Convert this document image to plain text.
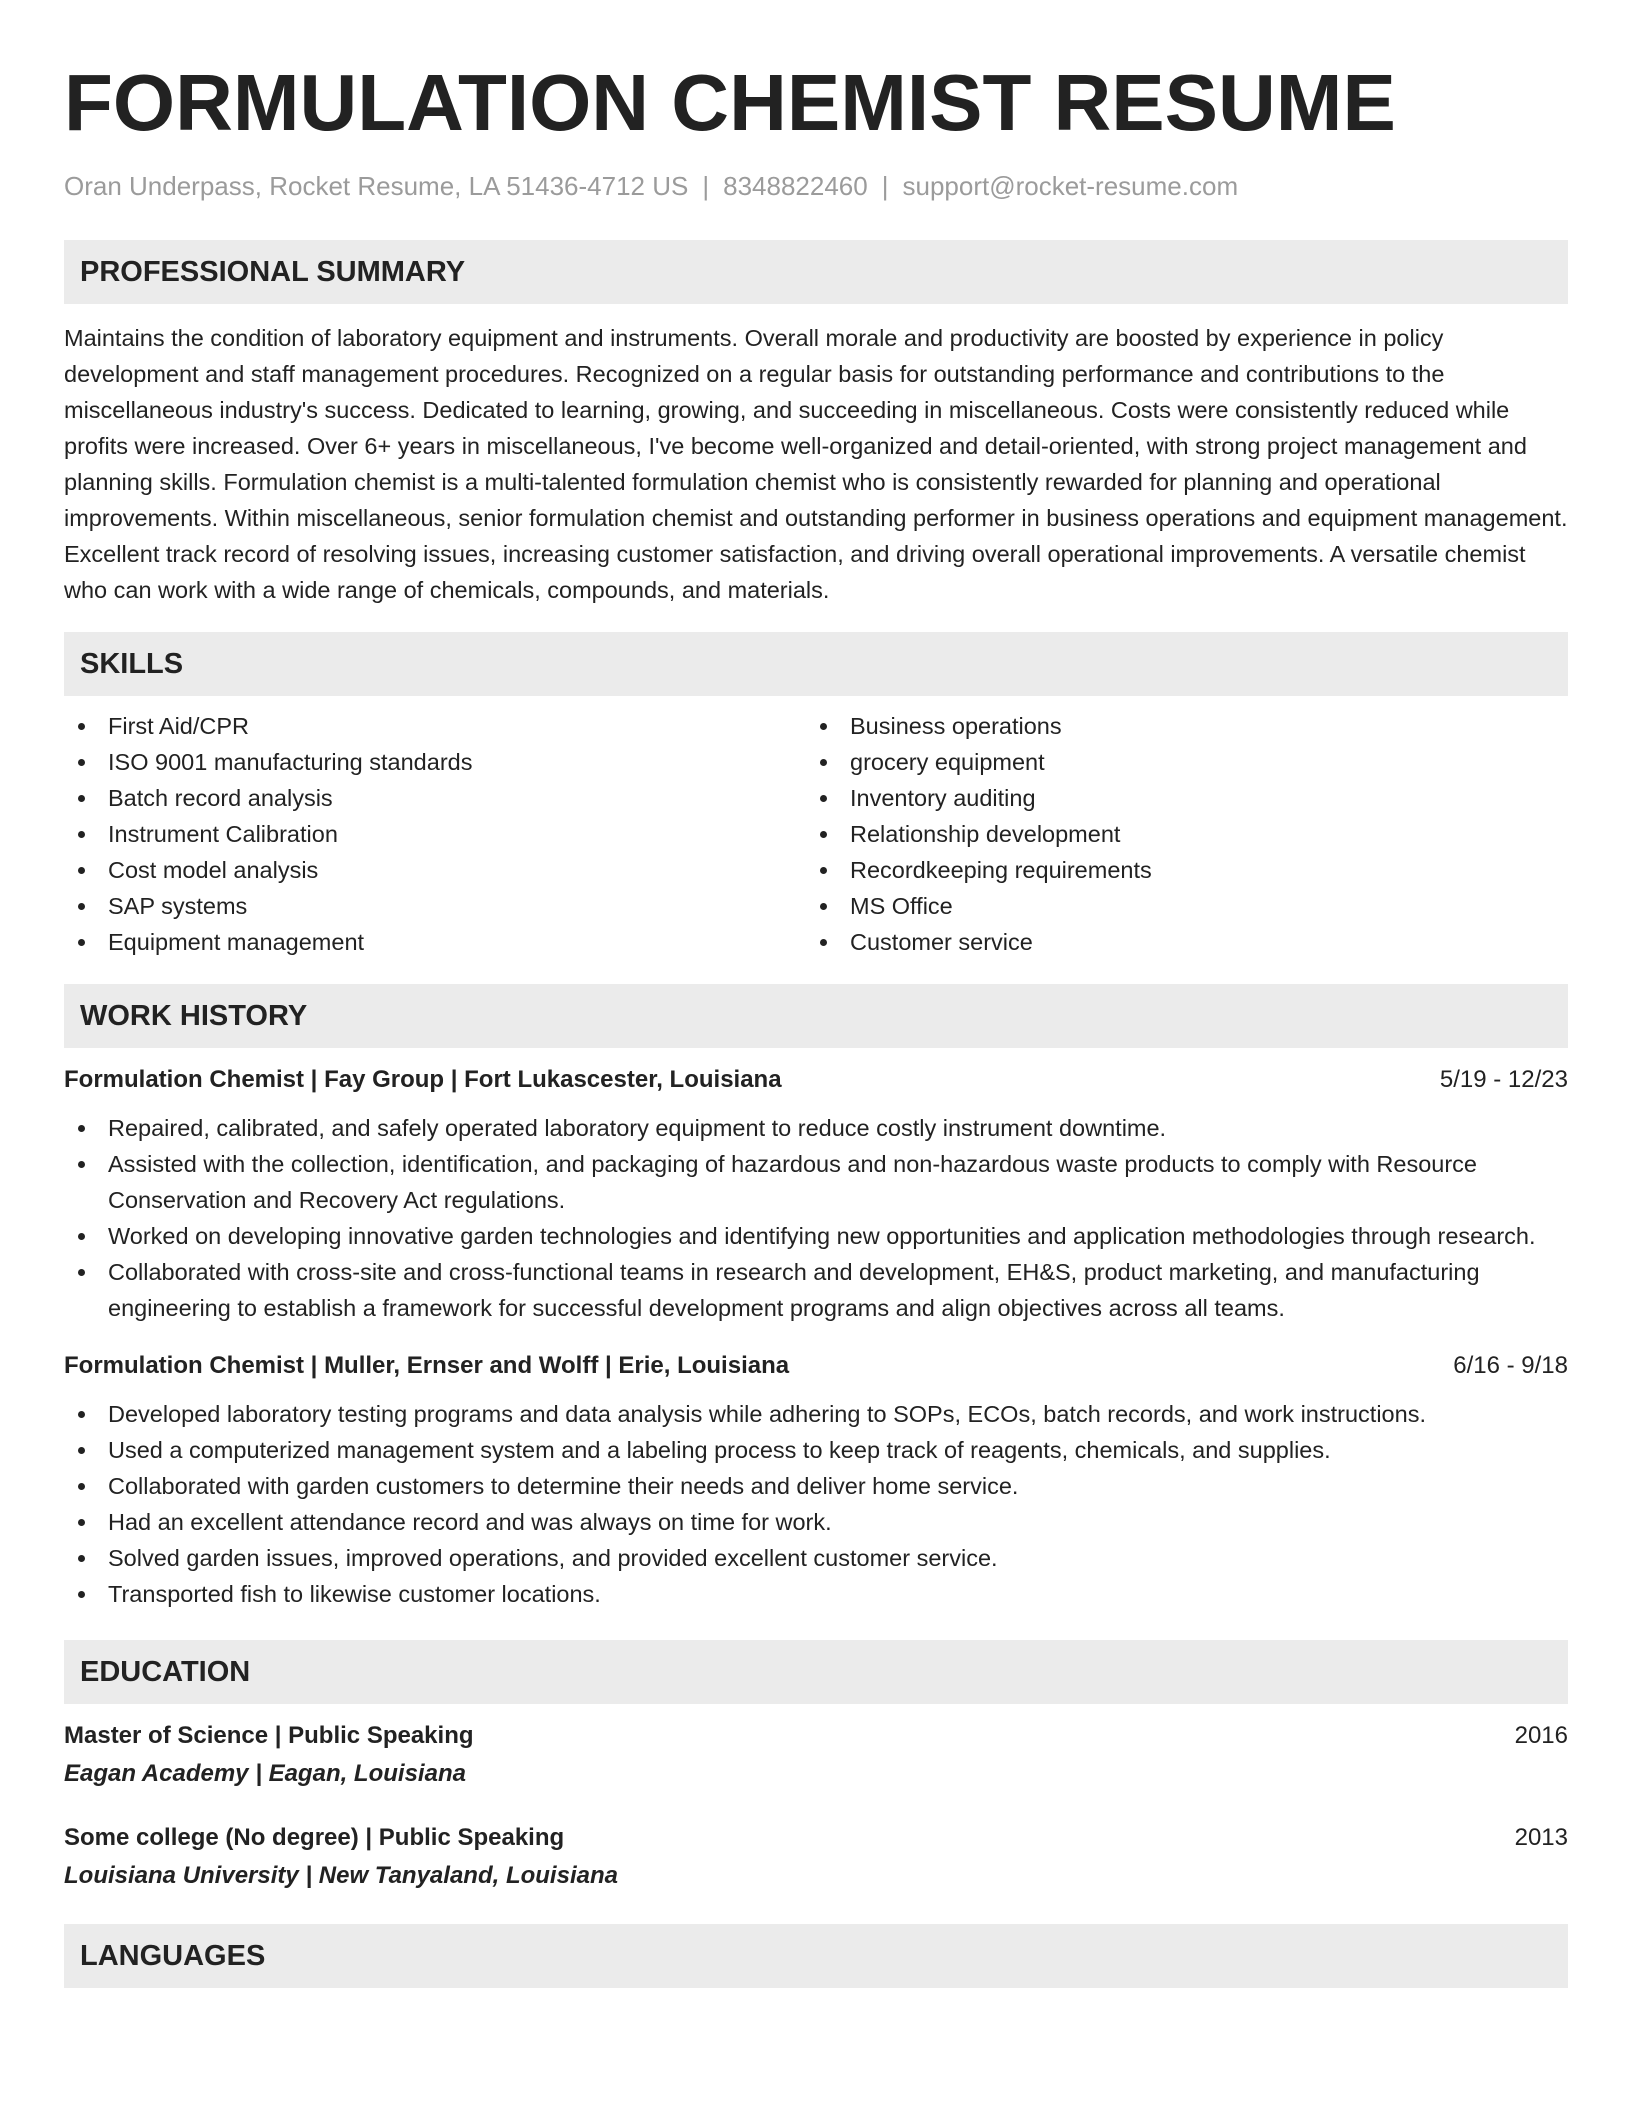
FORMULATION CHEMIST RESUME
Oran Underpass, Rocket Resume, LA 51436-4712 US | 8348822460 | support@rocket-resume.com
PROFESSIONAL SUMMARY

Maintains the condition of laboratory equipment and instruments. Overall morale and productivity are boosted by experience in policy development and staff management procedures. Recognized on a regular basis for outstanding performance and contributions to the miscellaneous industry's success. Dedicated to learning, growing, and succeeding in miscellaneous. Costs were consistently reduced while profits were increased. Over 6+ years in miscellaneous, I've become well-organized and detail-oriented, with strong project management and planning skills. Formulation chemist is a multi-talented formulation chemist who is consistently rewarded for planning and operational improvements. Within miscellaneous, senior formulation chemist and outstanding performer in business operations and equipment management. Excellent track record of resolving issues, increasing customer satisfaction, and driving overall operational improvements. A versatile chemist who can work with a wide range of chemicals, compounds, and materials.

SKILLS
First Aid/CPR
ISO 9001 manufacturing standards
Batch record analysis
Instrument Calibration
Cost model analysis
SAP systems
Equipment management
Business operations
grocery equipment
Inventory auditing
Relationship development
Recordkeeping requirements
MS Office
Customer service
WORK HISTORY
Formulation Chemist | Fay Group | Fort Lukascester, Louisiana	5/19 - 12/23
Repaired, calibrated, and safely operated laboratory equipment to reduce costly instrument downtime.
Assisted with the collection, identification, and packaging of hazardous and non-hazardous waste products to comply with Resource Conservation and Recovery Act regulations.
Worked on developing innovative garden technologies and identifying new opportunities and application methodologies through research.
Collaborated with cross-site and cross-functional teams in research and development, EH&S, product marketing, and manufacturing engineering to establish a framework for successful development programs and align objectives across all teams.
Formulation Chemist | Muller, Ernser and Wolff | Erie, Louisiana	6/16 - 9/18
Developed laboratory testing programs and data analysis while adhering to SOPs, ECOs, batch records, and work instructions.
Used a computerized management system and a labeling process to keep track of reagents, chemicals, and supplies.
Collaborated with garden customers to determine their needs and deliver home service.
Had an excellent attendance record and was always on time for work.
Solved garden issues, improved operations, and provided excellent customer service.
Transported fish to likewise customer locations.
EDUCATION
Master of Science | Public Speaking	2016
Eagan Academy | Eagan, Louisiana
Some college (No degree) | Public Speaking	2013
Louisiana University | New Tanyaland, Louisiana
LANGUAGES
